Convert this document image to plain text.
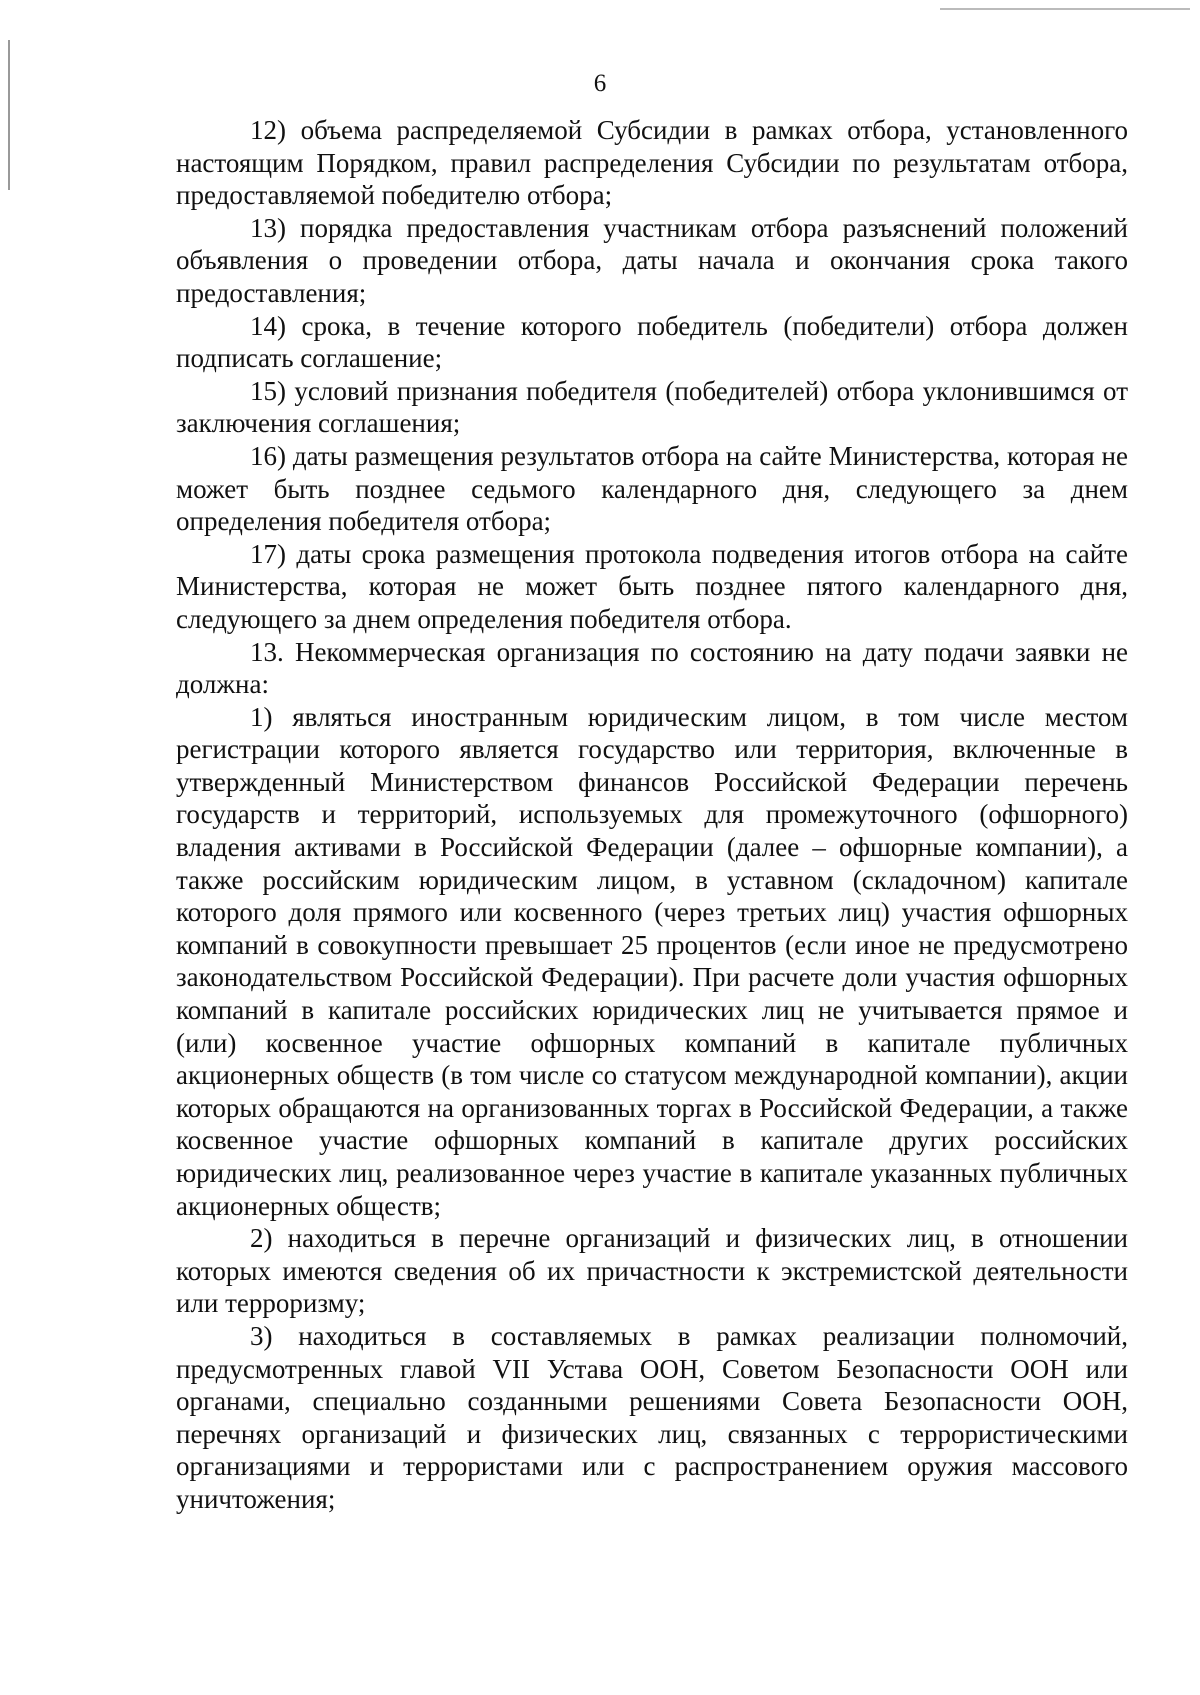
6

12) объема распределяемой Субсидии в рамках отбора, установленного настоящим Порядком, правил распределения Субсидии по результатам отбора, предоставляемой победителю отбора;

13) порядка предоставления участникам отбора разъяснений положений объявления о проведении отбора, даты начала и окончания срока такого предоставления;

14) срока, в течение которого победитель (победители) отбора должен подписать соглашение;

15) условий признания победителя (победителей) отбора уклонившимся от заключения соглашения;

16) даты размещения результатов отбора на сайте Министерства, которая не может быть позднее седьмого календарного дня, следующего за днем определения победителя отбора;

17) даты срока размещения протокола подведения итогов отбора на сайте Министерства, которая не может быть позднее пятого календарного дня, следующего за днем определения победителя отбора.

13. Некоммерческая организация по состоянию на дату подачи заявки не должна:

1) являться иностранным юридическим лицом, в том числе местом регистрации которого является государство или территория, включенные в утвержденный Министерством финансов Российской Федерации перечень государств и территорий, используемых для промежуточного (офшорного) владения активами в Российской Федерации (далее – офшорные компании), а также российским юридическим лицом, в уставном (складочном) капитале которого доля прямого или косвенного (через третьих лиц) участия офшорных компаний в совокупности превышает 25 процентов (если иное не предусмотрено законодательством Российской Федерации). При расчете доли участия офшорных компаний в капитале российских юридических лиц не учитывается прямое и (или) косвенное участие офшорных компаний в капитале публичных акционерных обществ (в том числе со статусом международной компании), акции которых обращаются на организованных торгах в Российской Федерации, а также косвенное участие офшорных компаний в капитале других российских юридических лиц, реализованное через участие в капитале указанных публичных акционерных обществ;

2) находиться в перечне организаций и физических лиц, в отношении которых имеются сведения об их причастности к экстремистской деятельности или терроризму;

3) находиться в составляемых в рамках реализации полномочий, предусмотренных главой VII Устава ООН, Советом Безопасности ООН или органами, специально созданными решениями Совета Безопасности ООН, перечнях организаций и физических лиц, связанных с террористическими организациями и террористами или с распространением оружия массового уничтожения;
